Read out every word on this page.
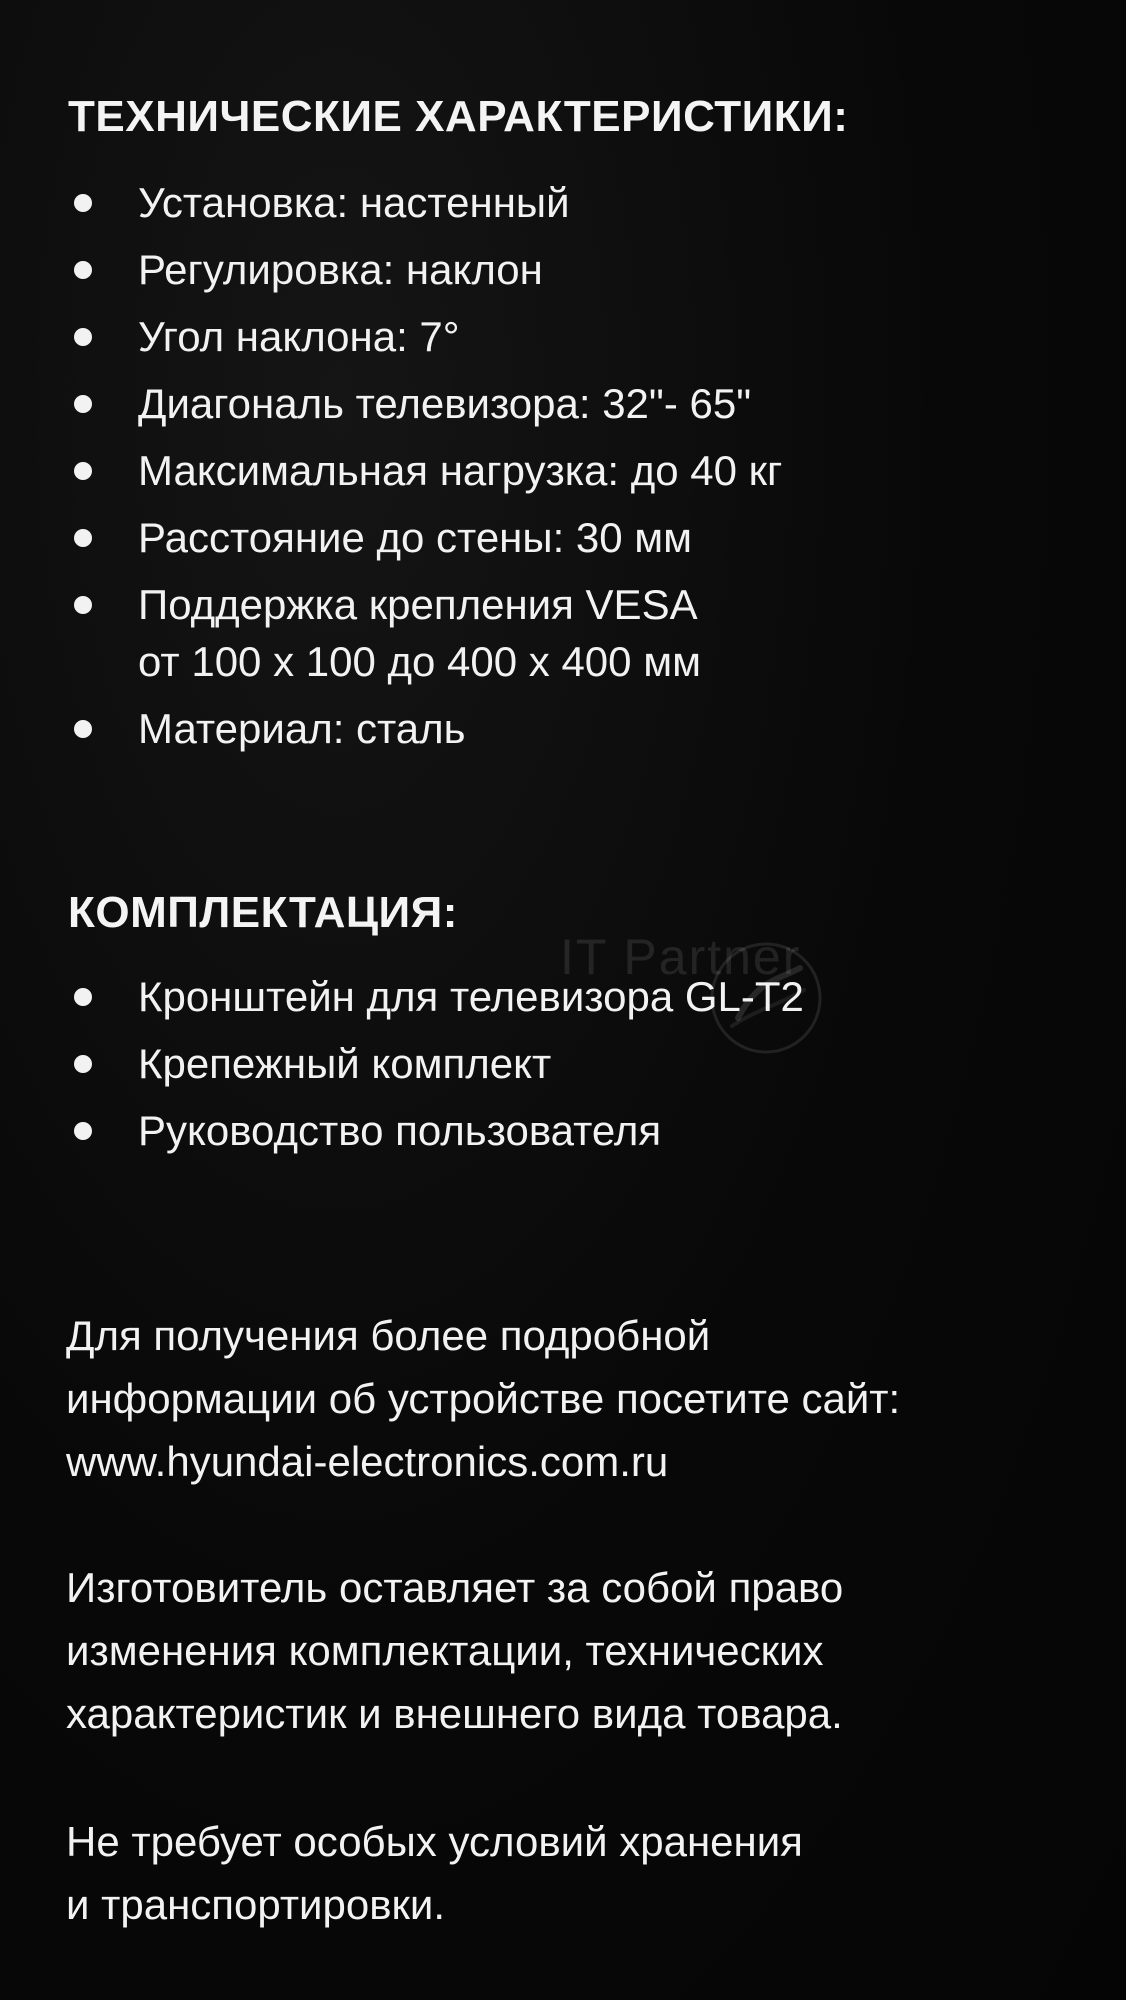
ТЕХНИЧЕСКИЕ ХАРАКТЕРИСТИКИ:
Установка: настенный
Регулировка: наклон
Угол наклона: 7°
Диагональ телевизора: 32"- 65"
Максимальная нагрузка: до 40 кг
Расстояние до стены: 30 мм
Поддержка крепления VESA
от 100 x 100 до 400 x 400 мм
Материал: сталь
КОМПЛЕКТАЦИЯ:
Кронштейн для телевизора GL-T2
Крепежный комплект
Руководство пользователя
IT Partner

Для получения более подробной
информации об устройстве посетите сайт:
www.hyundai-electronics.com.ru

Изготовитель оставляет за собой право
изменения комплектации, технических
характеристик и внешнего вида товара.

Не требует особых условий хранения
и транспортировки.
